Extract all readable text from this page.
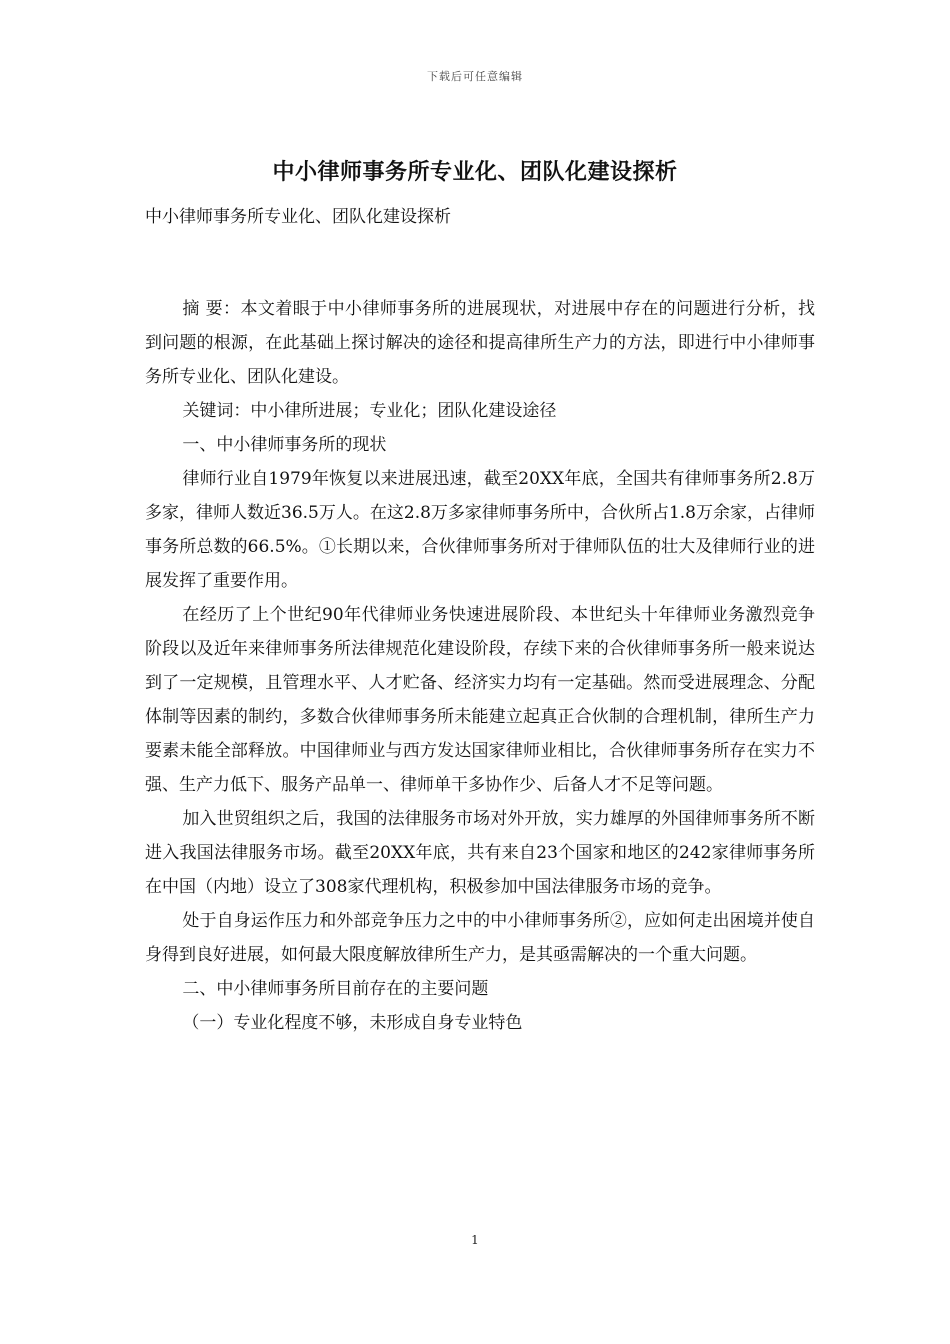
下载后可任意编辑
中小律师事务所专业化、团队化建设探析

中小律师事务所专业化、团队化建设探析

摘 要：本文着眼于中小律师事务所的进展现状，对进展中存在的问题进行分析，找到问题的根源，在此基础上探讨解决的途径和提高律所生产力的方法，即进行中小律师事务所专业化、团队化建设。

关键词：中小律所进展；专业化；团队化建设途径

一、中小律师事务所的现状

律师行业自1979年恢复以来进展迅速，截至20XX年底，全国共有律师事务所2.8万多家，律师人数近36.5万人。在这2.8万多家律师事务所中，合伙所占1.8万余家，占律师事务所总数的66.5%。①长期以来，合伙律师事务所对于律师队伍的壮大及律师行业的进展发挥了重要作用。

在经历了上个世纪90年代律师业务快速进展阶段、本世纪头十年律师业务激烈竞争阶段以及近年来律师事务所法律规范化建设阶段，存续下来的合伙律师事务所一般来说达到了一定规模，且管理水平、人才贮备、经济实力均有一定基础。然而受进展理念、分配体制等因素的制约，多数合伙律师事务所未能建立起真正合伙制的合理机制，律所生产力要素未能全部释放。中国律师业与西方发达国家律师业相比，合伙律师事务所存在实力不强、生产力低下、服务产品单一、律师单干多协作少、后备人才不足等问题。

加入世贸组织之后，我国的法律服务市场对外开放，实力雄厚的外国律师事务所不断进入我国法律服务市场。截至20XX年底，共有来自23个国家和地区的242家律师事务所在中国（内地）设立了308家代理机构，积极参加中国法律服务市场的竞争。

处于自身运作压力和外部竞争压力之中的中小律师事务所②，应如何走出困境并使自身得到良好进展，如何最大限度解放律所生产力，是其亟需解决的一个重大问题。

二、中小律师事务所目前存在的主要问题

（一）专业化程度不够，未形成自身专业特色

1
